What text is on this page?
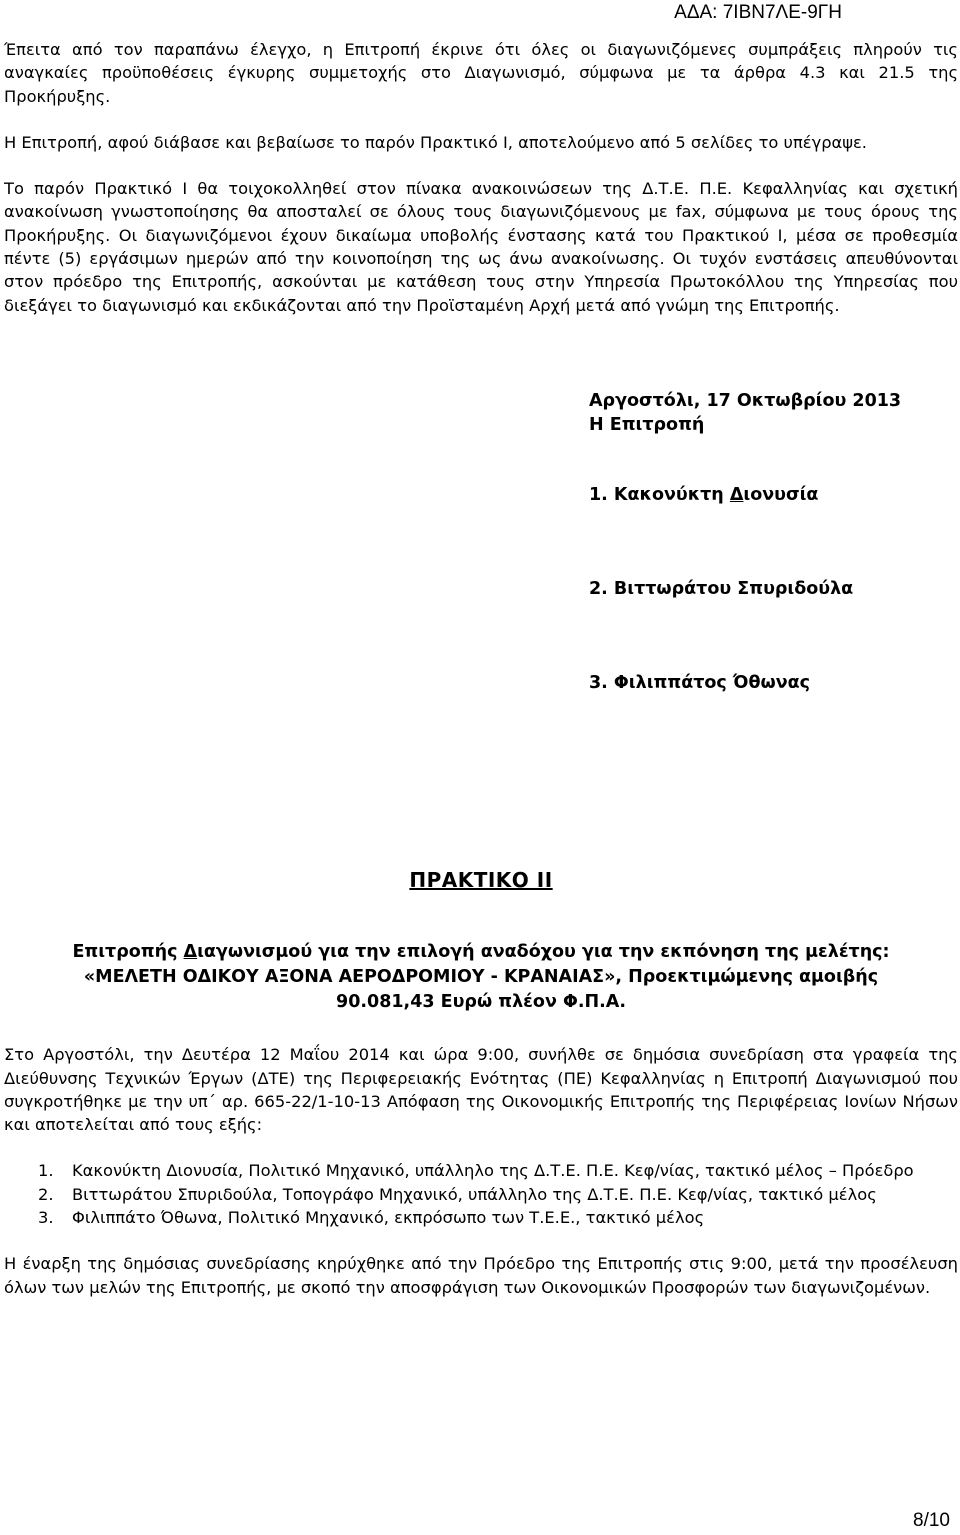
ΑΔΑ: 7ΙΒΝ7ΛΕ-9ΓΗ

Έπειτα από τον παραπάνω έλεγχο, η Επιτροπή έκρινε ότι όλες οι διαγωνιζόμενες συμπράξεις πληρούν τις αναγκαίες προϋποθέσεις έγκυρης συμμετοχής στο Διαγωνισμό, σύμφωνα με τα άρθρα 4.3 και 21.5 της Προκήρυξης.

Η Επιτροπή, αφού διάβασε και βεβαίωσε το παρόν Πρακτικό Ι, αποτελούμενο από 5 σελίδες το υπέγραψε.

Το παρόν Πρακτικό Ι θα τοιχοκολληθεί στον πίνακα ανακοινώσεων της Δ.Τ.Ε. Π.Ε. Κεφαλληνίας και σχετική ανακοίνωση γνωστοποίησης θα αποσταλεί σε όλους τους διαγωνιζόμενους με fax, σύμφωνα με τους όρους της Προκήρυξης. Οι διαγωνιζόμενοι έχουν δικαίωμα υποβολής ένστασης κατά του Πρακτικού Ι, μέσα σε προθεσμία πέντε (5) εργάσιμων ημερών από την κοινοποίηση της ως άνω ανακοίνωσης. Οι τυχόν ενστάσεις απευθύνονται στον πρόεδρο της Επιτροπής, ασκούνται με κατάθεση τους στην Υπηρεσία Πρωτοκόλλου της Υπηρεσίας που διεξάγει το διαγωνισμό και εκδικάζονται από την Προϊσταμένη Αρχή μετά από γνώμη της Επιτροπής.

Αργοστόλι, 17 Οκτωβρίου 2013
Η Επιτροπή
1. Κακονύκτη Διονυσία
2. Βιττωράτου Σπυριδούλα
3. Φιλιππάτος Όθωνας
ΠΡΑΚΤΙΚΟ ΙΙ
Επιτροπής Διαγωνισμού για την επιλογή αναδόχου για την εκπόνηση της μελέτης:
«ΜΕΛΕΤΗ ΟΔΙΚΟΥ ΑΞΟΝΑ ΑΕΡΟΔΡΟΜΙΟΥ - ΚΡΑΝΑΙΑΣ», Προεκτιμώμενης αμοιβής
90.081,43 Ευρώ πλέον Φ.Π.Α.

Στο Αργοστόλι, την Δευτέρα 12 Μαΐου 2014 και ώρα 9:00, συνήλθε σε δημόσια συνεδρίαση στα γραφεία της Διεύθυνσης Τεχνικών Έργων (ΔΤΕ) της Περιφερειακής Ενότητας (ΠΕ) Κεφαλληνίας η Επιτροπή Διαγωνισμού που συγκροτήθηκε με την υπ΄ αρ. 665-22/1-10-13 Απόφαση της Οικονομικής Επιτροπής της Περιφέρειας Ιονίων Νήσων και αποτελείται από τους εξής:

1. Κακονύκτη Διονυσία, Πολιτικό Μηχανικό, υπάλληλο της Δ.Τ.Ε. Π.Ε. Κεφ/νίας, τακτικό μέλος – Πρόεδρο
2. Βιττωράτου Σπυριδούλα, Τοπογράφο Μηχανικό, υπάλληλο της Δ.Τ.Ε. Π.Ε. Κεφ/νίας, τακτικό μέλος
3. Φιλιππάτο Όθωνα, Πολιτικό Μηχανικό, εκπρόσωπο των Τ.Ε.Ε., τακτικό μέλος

Η έναρξη της δημόσιας συνεδρίασης κηρύχθηκε από την Πρόεδρο της Επιτροπής στις 9:00, μετά την προσέλευση όλων των μελών της Επιτροπής, με σκοπό την αποσφράγιση των Οικονομικών Προσφορών των διαγωνιζομένων.

8/10
